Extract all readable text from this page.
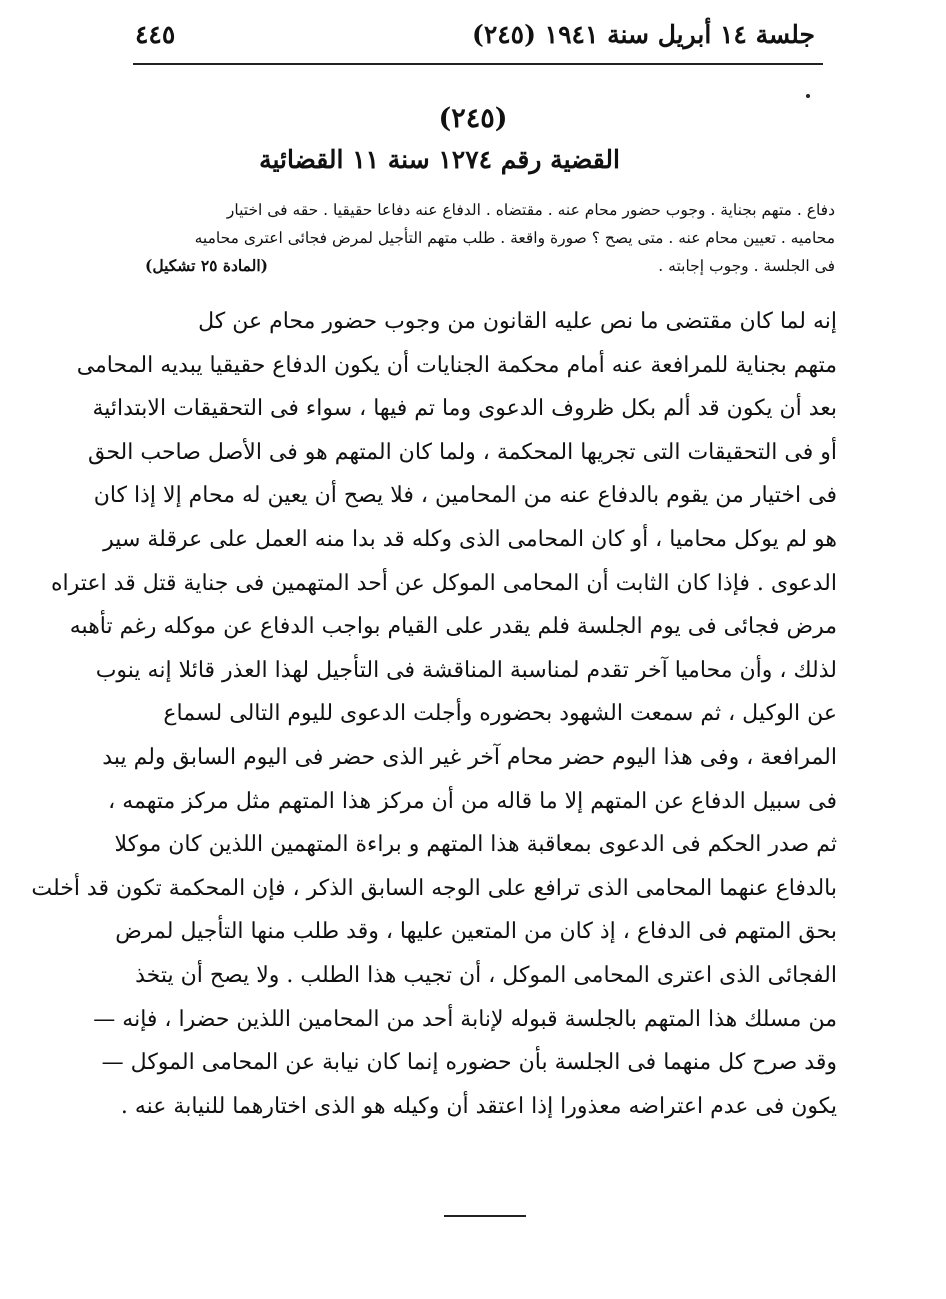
جلسة ١٤ أبريل سنة ١٩٤١ (٢٤٥)
٤٤٥
(٢٤٥)
القضية رقم ١٢٧٤ سنة ١١ القضائية
دفاع . متهم بجناية . وجوب حضور محام عنه . مقتضاه . الدفاع عنه دفاعا حقيقيا . حقه فى اختيار
محاميه . تعيين محام عنه . متى يصح ؟ صورة واقعة . طلب متهم التأجيل لمرض فجائى اعترى محاميه
فى الجلسة . وجوب إجابته .
(المادة ٢٥ تشكيل)
إنه لما كان مقتضى ما نص عليه القانون من وجوب حضور محام عن كل
متهم بجناية للمرافعة عنه أمام محكمة الجنايات أن يكون الدفاع حقيقيا يبديه المحامى
بعد أن يكون قد ألم بكل ظروف الدعوى وما تم فيها ، سواء فى التحقيقات الابتدائية
أو فى التحقيقات التى تجريها المحكمة ، ولما كان المتهم هو فى الأصل صاحب الحق
فى اختيار من يقوم بالدفاع عنه من المحامين ، فلا يصح أن يعين له محام إلا إذا كان
هو لم يوكل محاميا ، أو كان المحامى الذى وكله قد بدا منه العمل على عرقلة سير
الدعوى . فإذا كان الثابت أن المحامى الموكل عن أحد المتهمين فى جناية قتل قد اعتراه
مرض فجائى فى يوم الجلسة فلم يقدر على القيام بواجب الدفاع عن موكله رغم تأهبه
لذلك ، وأن محاميا آخر تقدم لمناسبة المناقشة فى التأجيل لهذا العذر قائلا إنه ينوب
عن الوكيل ، ثم سمعت الشهود بحضوره وأجلت الدعوى لليوم التالى لسماع
المرافعة ، وفى هذا اليوم حضر محام آخر غير الذى حضر فى اليوم السابق ولم يبد
فى سبيل الدفاع عن المتهم إلا ما قاله من أن مركز هذا المتهم مثل مركز متهمه ،
ثم صدر الحكم فى الدعوى بمعاقبة هذا المتهم و براءة المتهمين اللذين كان موكلا
بالدفاع عنهما المحامى الذى ترافع على الوجه السابق الذكر ، فإن المحكمة تكون قد أخلت
بحق المتهم فى الدفاع ، إذ كان من المتعين عليها ، وقد طلب منها التأجيل لمرض
الفجائى الذى اعترى المحامى الموكل ، أن تجيب هذا الطلب . ولا يصح أن يتخذ
من مسلك هذا المتهم بالجلسة قبوله لإنابة أحد من المحامين اللذين حضرا ، فإنه —
وقد صرح كل منهما فى الجلسة بأن حضوره إنما كان نيابة عن المحامى الموكل —
يكون فى عدم اعتراضه معذورا إذا اعتقد أن وكيله هو الذى اختارهما للنيابة عنه .
